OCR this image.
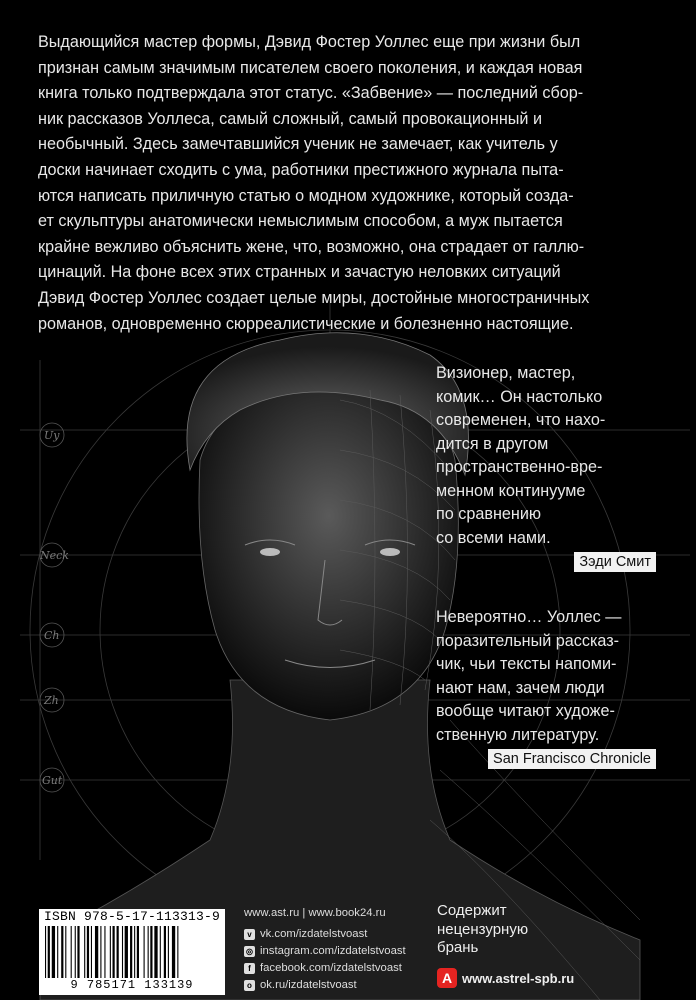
Uy
Neck
Ch
Zh
Gut
Выдающийся мастер формы, Дэвид Фостер Уоллес еще при жизни был
признан самым значимым писателем своего поколения, и каждая новая
книга только подтверждала этот статус. «Забвение» — последний сбор-
ник рассказов Уоллеса, самый сложный, самый провокационный и
необычный. Здесь замечтавшийся ученик не замечает, как учитель у
доски начинает сходить с ума, работники престижного журнала пыта-
ются написать приличную статью о модном художнике, который созда-
ет скульптуры анатомически немыслимым способом, а муж пытается
крайне вежливо объяснить жене, что, возможно, она страдает от галлю-
цинаций. На фоне всех этих странных и зачастую неловких ситуаций
Дэвид Фостер Уоллес создает целые миры, достойные многостраничных
романов, одновременно сюрреалистические и болезненно настоящие.
Визионер, мастер,
комик… Он настолько
современен, что нахо-
дится в другом
пространственно-вре-
менном континууме
по сравнению
со всеми нами.
Зэди Смит
Невероятно… Уоллес —
поразительный рассказ-
чик, чьи тексты напоми-
нают нам, зачем люди
вообще читают художе-
ственную литературу.
San Francisco Chronicle
ISBN 978-5-17-113313-9
9 785171 133139
www.ast.ru | www.book24.ru
v vk.com/izdatelstvoast
◎ instagram.com/izdatelstvoast
f facebook.com/izdatelstvoast
o ok.ru/izdatelstvoast
Содержит
нецензурную
брань
А www.astrel-spb.ru
